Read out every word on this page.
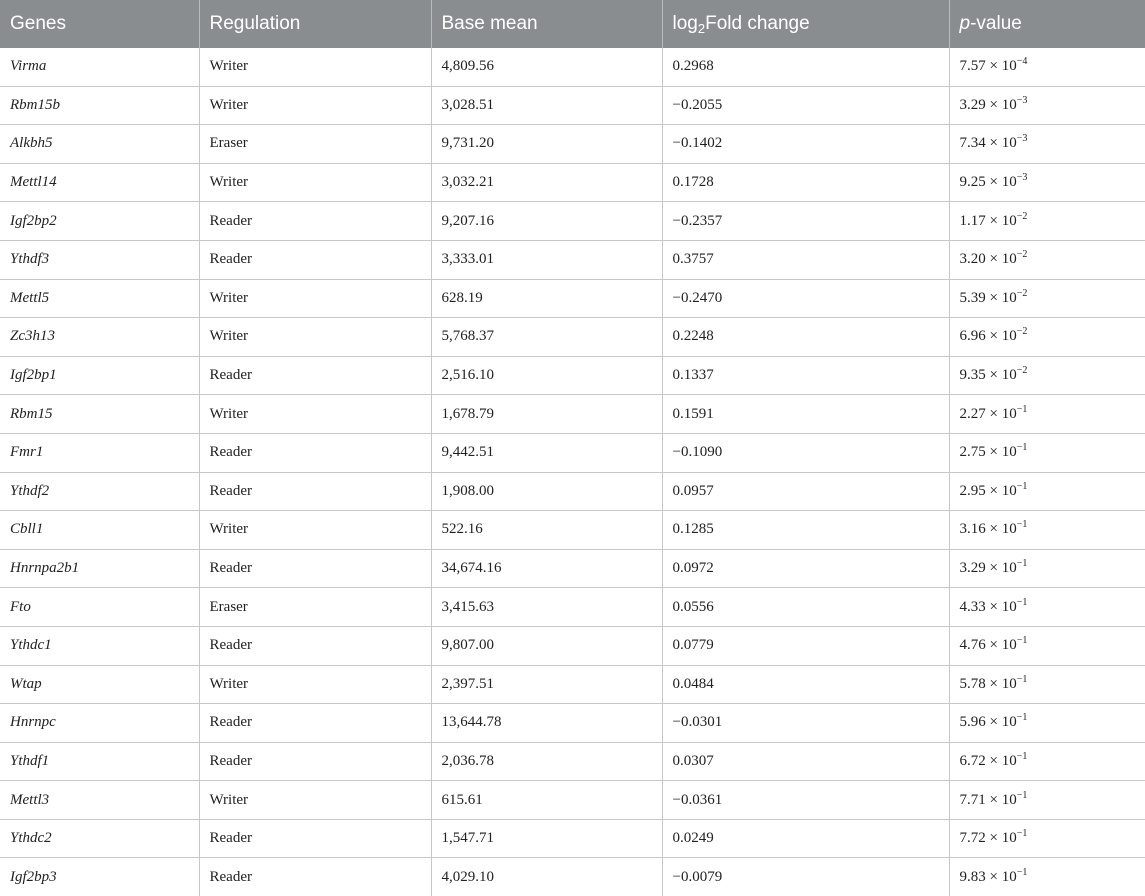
Genes	Regulation	Base mean	$\log_2Fold$ change	p-value
Virma	Writer	4,809.56	0.2968	$7.57 \times 10^{-4}$
Rbm15b	Writer	3,028.51	−0.2055	$3.29 \times 10^{-3}$
Alkbh5	Eraser	9,731.20	−0.1402	$7.34 \times 10^{-3}$
Mettl14	Writer	3,032.21	0.1728	$9.25 \times 10^{-3}$
Igf2bp2	Reader	9,207.16	−0.2357	$1.17 \times 10^{-2}$
Ythdf3	Reader	3,333.01	0.3757	$3.20 \times 10^{-2}$
Mettl5	Writer	628.19	−0.2470	$5.39 \times 10^{-2}$
Zc3h13	Writer	5,768.37	0.2248	$6.96 \times 10^{-2}$
Igf2bp1	Reader	2,516.10	0.1337	$9.35 \times 10^{-2}$
Rbm15	Writer	1,678.79	0.1591	$2.27 \times 10^{-1}$
Fmr1	Reader	9,442.51	−0.1090	$2.75 \times 10^{-1}$
Ythdf2	Reader	1,908.00	0.0957	$2.95 \times 10^{-1}$
Cbll1	Writer	522.16	0.1285	$3.16 \times 10^{-1}$
Hnrnpa2b1	Reader	34,674.16	0.0972	$3.29 \times 10^{-1}$
Fto	Eraser	3,415.63	0.0556	$4.33 \times 10^{-1}$
Ythdc1	Reader	9,807.00	0.0779	$4.76 \times 10^{-1}$
Wtap	Writer	2,397.51	0.0484	$5.78 \times 10^{-1}$
Hnrnpc	Reader	13,644.78	−0.0301	$5.96 \times 10^{-1}$
Ythdf1	Reader	2,036.78	0.0307	$6.72 \times 10^{-1}$
Mettl3	Writer	615.61	−0.0361	$7.71 \times 10^{-1}$
Ythdc2	Reader	1,547.71	0.0249	$7.72 \times 10^{-1}$
Igf2bp3	Reader	4,029.10	−0.0079	$9.83 \times 10^{-1}$
